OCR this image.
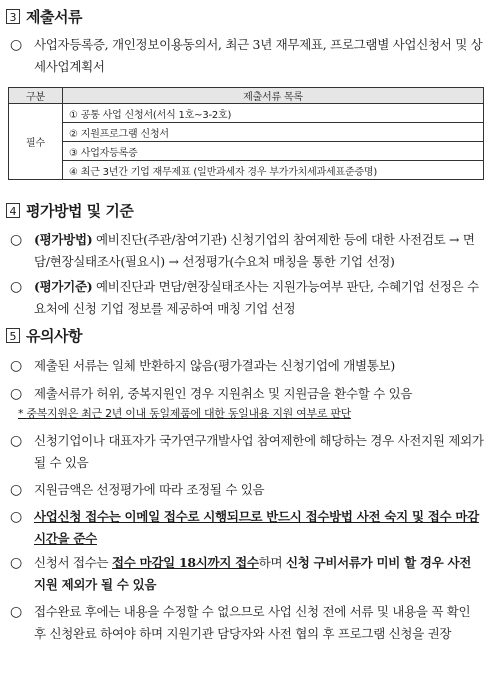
3 제출서류
○ 사업자등록증, 개인정보이용동의서, 최근 3년 재무제표, 프로그램별 사업신청서 및 상세사업계획서
구분	제출서류 목록
필수	① 공통 사업 신청서(서식 1호~3-2호)
	② 지원프로그램 신청서
	③ 사업자등록증
	④ 최근 3년간 기업 재무제표 (일반과세자 경우 부가가치세과세표준증명)
4 평가방법 및 기준
○ (평가방법) 예비진단(주관/참여기관) 신청기업의 참여제한 등에 대한 사전검토 → 면담/현장실태조사(필요시) → 선정평가(수요처 매칭을 통한 기업 선정)
○ (평가기준) 예비진단과 면담/현장실태조사는 지원가능여부 판단, 수혜기업 선정은 수요처에 신청 기업 정보를 제공하여 매칭 기업 선정
5 유의사항
○ 제출된 서류는 일체 반환하지 않음(평가결과는 신청기업에 개별통보)
○ 제출서류가 허위, 중복지원인 경우 지원취소 및 지원금을 환수할 수 있음
* 중복지원은 최근 2년 이내 동일제품에 대한 동일내용 지원 여부로 판단
○ 신청기업이나 대표자가 국가연구개발사업 참여제한에 해당하는 경우 사전지원 제외가 될 수 있음
○ 지원금액은 선정평가에 따라 조정될 수 있음
○ 사업신청 접수는 이메일 접수로 시행되므로 반드시 접수방법 사전 숙지 및 접수 마감 시간을 준수
○ 신청서 접수는 접수 마감일 18시까지 접수하며 신청 구비서류가 미비 할 경우 사전 지원 제외가 될 수 있음
○ 접수완료 후에는 내용을 수정할 수 없으므로 사업 신청 전에 서류 및 내용을 꼭 확인 후 신청완료 하여야 하며 지원기관 담당자와 사전 협의 후 프로그램 신청을 권장
